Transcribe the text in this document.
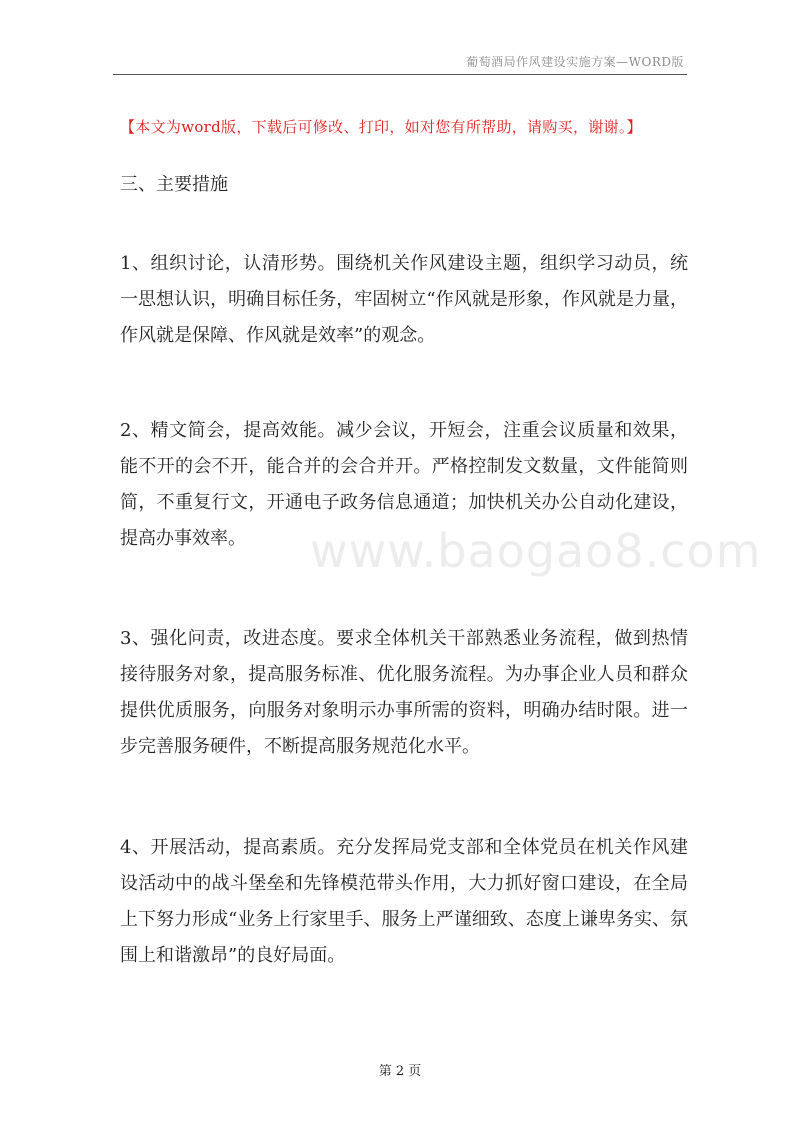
葡萄酒局作风建设实施方案—WORD版
【本文为word版，下载后可修改、打印，如对您有所帮助，请购买，谢谢。】
三、主要措施
1、组织讨论，认清形势。围绕机关作风建设主题，组织学习动员，统一思想认识，明确目标任务，牢固树立“作风就是形象，作风就是力量，作风就是保障、作风就是效率”的观念。
2、精文简会，提高效能。减少会议，开短会，注重会议质量和效果，能不开的会不开，能合并的会合并开。严格控制发文数量，文件能简则简，不重复行文，开通电子政务信息通道；加快机关办公自动化建设，提高办事效率。	www.baogao8.com
3、强化问责，改进态度。要求全体机关干部熟悉业务流程，做到热情接待服务对象，提高服务标准、优化服务流程。为办事企业人员和群众提供优质服务，向服务对象明示办事所需的资料，明确办结时限。进一步完善服务硬件，不断提高服务规范化水平。
4、开展活动，提高素质。充分发挥局党支部和全体党员在机关作风建设活动中的战斗堡垒和先锋模范带头作用，大力抓好窗口建设，在全局上下努力形成“业务上行家里手、服务上严谨细致、态度上谦卑务实、氛围上和谐激昂”的良好局面。
第 2 页
